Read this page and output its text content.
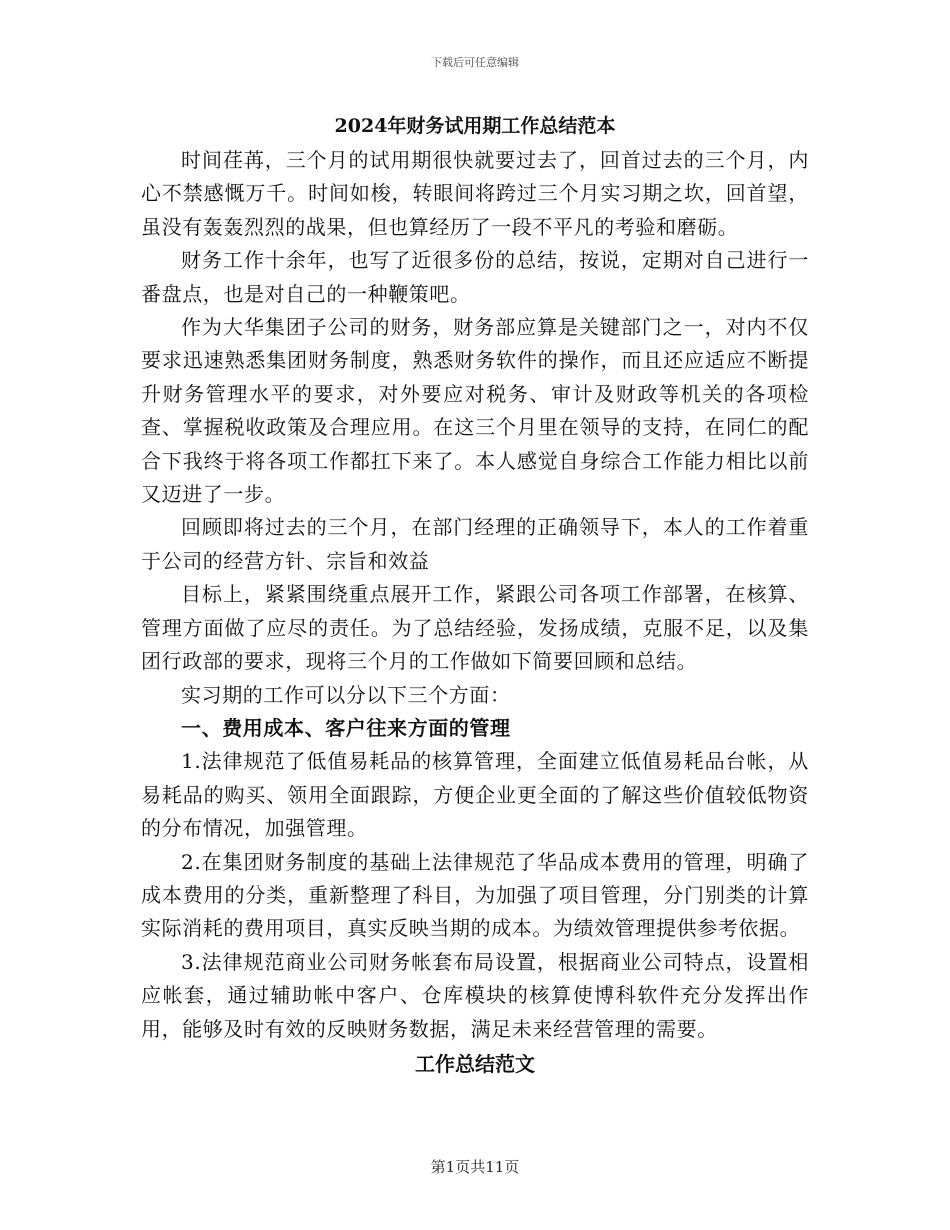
下载后可任意编辑
2024年财务试用期工作总结范本

时间荏苒，三个月的试用期很快就要过去了，回首过去的三个月，内心不禁感慨万千。时间如梭，转眼间将跨过三个月实习期之坎，回首望，虽没有轰轰烈烈的战果，但也算经历了一段不平凡的考验和磨砺。

财务工作十余年，也写了近很多份的总结，按说，定期对自己进行一番盘点，也是对自己的一种鞭策吧。

作为大华集团子公司的财务，财务部应算是关键部门之一，对内不仅要求迅速熟悉集团财务制度，熟悉财务软件的操作，而且还应适应不断提升财务管理水平的要求，对外要应对税务、审计及财政等机关的各项检查、掌握税收政策及合理应用。在这三个月里在领导的支持，在同仁的配合下我终于将各项工作都扛下来了。本人感觉自身综合工作能力相比以前又迈进了一步。

回顾即将过去的三个月，在部门经理的正确领导下，本人的工作着重于公司的经营方针、宗旨和效益

目标上，紧紧围绕重点展开工作，紧跟公司各项工作部署，在核算、管理方面做了应尽的责任。为了总结经验，发扬成绩，克服不足，以及集团行政部的要求，现将三个月的工作做如下简要回顾和总结。

实习期的工作可以分以下三个方面：

一、费用成本、客户往来方面的管理

1.法律规范了低值易耗品的核算管理，全面建立低值易耗品台帐，从易耗品的购买、领用全面跟踪，方便企业更全面的了解这些价值较低物资的分布情况，加强管理。

2.在集团财务制度的基础上法律规范了华品成本费用的管理，明确了成本费用的分类，重新整理了科目，为加强了项目管理，分门别类的计算实际消耗的费用项目，真实反映当期的成本。为绩效管理提供参考依据。

3.法律规范商业公司财务帐套布局设置，根据商业公司特点，设置相应帐套，通过辅助帐中客户、仓库模块的核算使博科软件充分发挥出作用，能够及时有效的反映财务数据，满足未来经营管理的需要。

工作总结范文

第1页共11页
